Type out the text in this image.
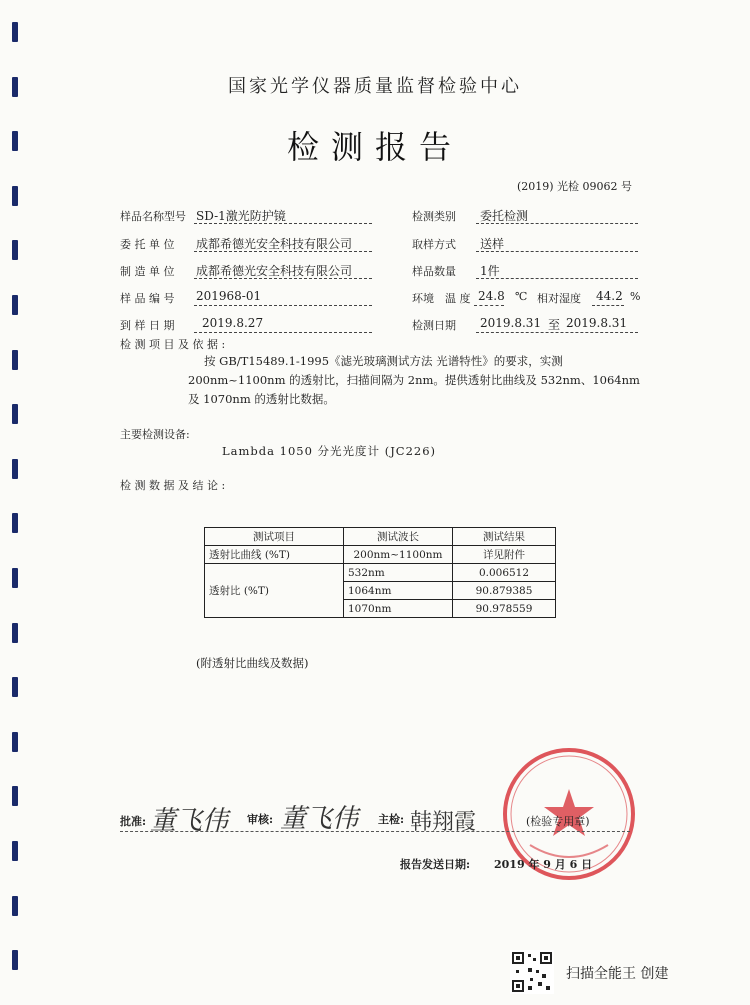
国家光学仪器质量监督检验中心
检测报告
(2019) 光检 09062 号
样品名称型号 SD-1激光防护镜	检测类别 委托检测
委 托 单 位 成都希德光安全科技有限公司	取样方式 送样
制 造 单 位 成都希德光安全科技有限公司	样品数量 1件
样 品 编 号 201968-01	环境 温 度 24.8 ℃ 相对湿度 44.2 %
到 样 日 期 2019.8.27	检测日期 2019.8.31 至 2019.8.31
检 测 项 目 及 依 据 :
按 GB/T15489.1-1995《滤光玻璃测试方法 光谱特性》的要求，实测
200nm~1100nm 的透射比，扫描间隔为 2nm。提供透射比曲线及 532nm、1064nm
及 1070nm 的透射比数据。
主要检测设备:
Lambda 1050 分光光度计 (JC226)
检 测 数 据 及 结 论 :
测试项目	测试波长	测试结果
透射比曲线 (%T)	200nm~1100nm	详见附件
透射比 (%T)	532nm	0.006512
	1064nm	90.879385
	1070nm	90.978559
(附透射比曲线及数据)
批准: 董飞伟 审核: 董飞伟 主检: 韩翔霞	(检验专用章)
报告发送日期: 2019 年 9 月 6 日
扫描全能王 创建
